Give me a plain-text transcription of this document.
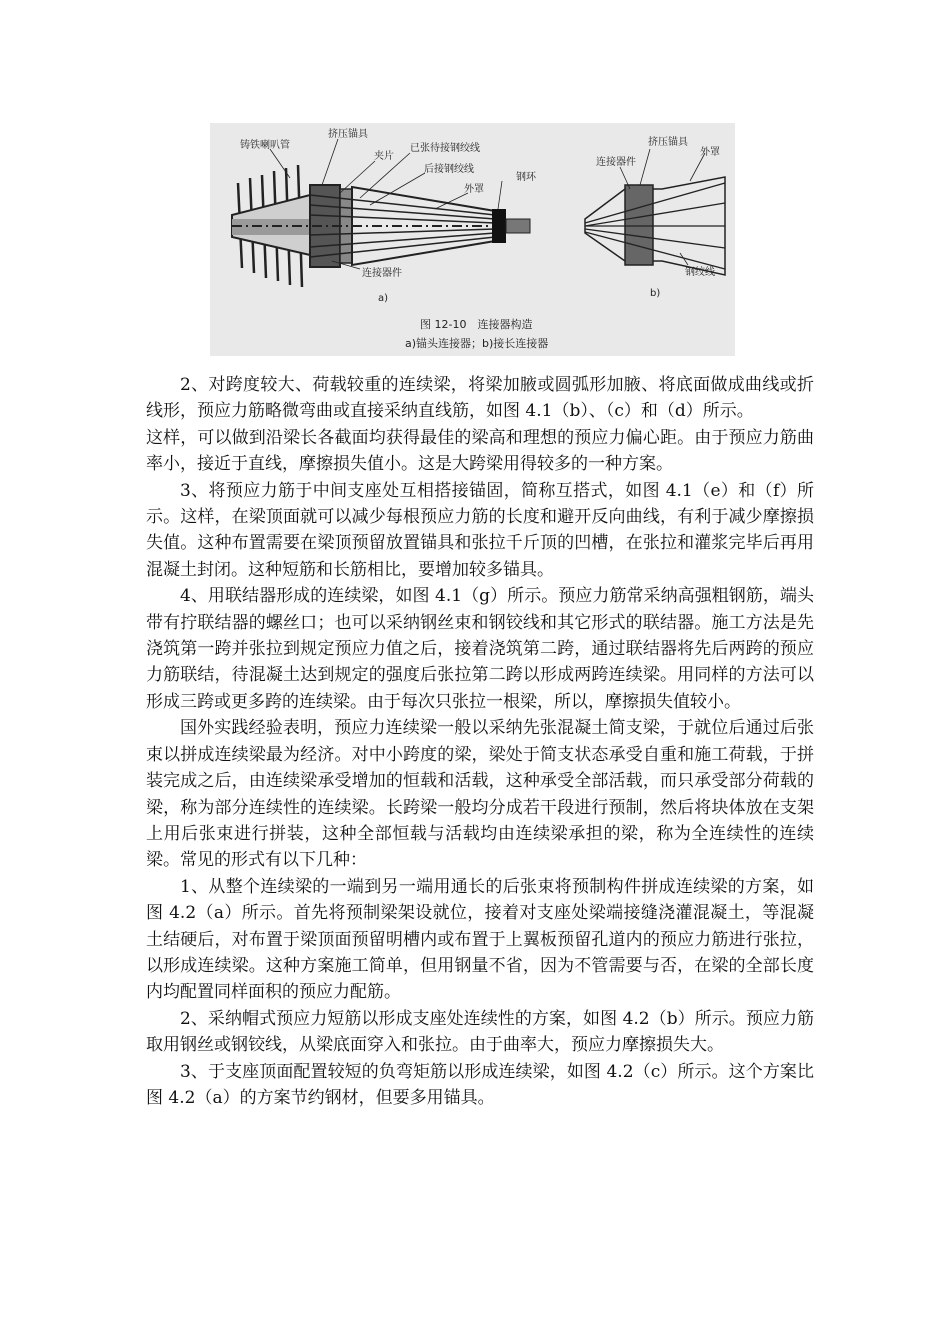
铸铁喇叭管
挤压锚具
夹片
已张待接钢绞线
后接钢绞线
外罩
钢环
连接器件
a)
挤压锚具
连接器件
外罩
钢绞线
b)
图 12-10　连接器构造
a)锚头连接器；b)接长连接器

2、对跨度较大、荷载较重的连续梁，将梁加腋或圆弧形加腋、将底面做成曲线或折线形，预应力筋略微弯曲或直接采纳直线筋，如图 4.1（b）、（c）和（d）所示。

这样，可以做到沿梁长各截面均获得最佳的梁高和理想的预应力偏心距。由于预应力筋曲率小，接近于直线，摩擦损失值小。这是大跨梁用得较多的一种方案。

3、将预应力筋于中间支座处互相搭接锚固，简称互搭式，如图 4.1（e）和（f）所示。这样，在梁顶面就可以减少每根预应力筋的长度和避开反向曲线，有利于减少摩擦损失值。这种布置需要在梁顶预留放置锚具和张拉千斤顶的凹槽，在张拉和灌浆完毕后再用混凝土封闭。这种短筋和长筋相比，要增加较多锚具。

4、用联结器形成的连续梁，如图 4.1（g）所示。预应力筋常采纳高强粗钢筋，端头带有拧联结器的螺丝口；也可以采纳钢丝束和钢铰线和其它形式的联结器。施工方法是先浇筑第一跨并张拉到规定预应力值之后，接着浇筑第二跨，通过联结器将先后两跨的预应力筋联结，待混凝土达到规定的强度后张拉第二跨以形成两跨连续梁。用同样的方法可以形成三跨或更多跨的连续梁。由于每次只张拉一根梁，所以，摩擦损失值较小。

国外实践经验表明，预应力连续梁一般以采纳先张混凝土简支梁，于就位后通过后张束以拼成连续梁最为经济。对中小跨度的梁，梁处于简支状态承受自重和施工荷载，于拼装完成之后，由连续梁承受增加的恒载和活载，这种承受全部活载，而只承受部分荷载的梁，称为部分连续性的连续梁。长跨梁一般均分成若干段进行预制，然后将块体放在支架上用后张束进行拼装，这种全部恒载与活载均由连续梁承担的梁，称为全连续性的连续梁。常见的形式有以下几种：

1、从整个连续梁的一端到另一端用通长的后张束将预制构件拼成连续梁的方案，如图 4.2（a）所示。首先将预制梁架设就位，接着对支座处梁端接缝浇灌混凝土，等混凝土结硬后，对布置于梁顶面预留明槽内或布置于上翼板预留孔道内的预应力筋进行张拉，以形成连续梁。这种方案施工简单，但用钢量不省，因为不管需要与否，在梁的全部长度内均配置同样面积的预应力配筋。

2、采纳帽式预应力短筋以形成支座处连续性的方案，如图 4.2（b）所示。预应力筋取用钢丝或钢铰线，从梁底面穿入和张拉。由于曲率大，预应力摩擦损失大。

3、于支座顶面配置较短的负弯矩筋以形成连续梁，如图 4.2（c）所示。这个方案比图 4.2（a）的方案节约钢材，但要多用锚具。
